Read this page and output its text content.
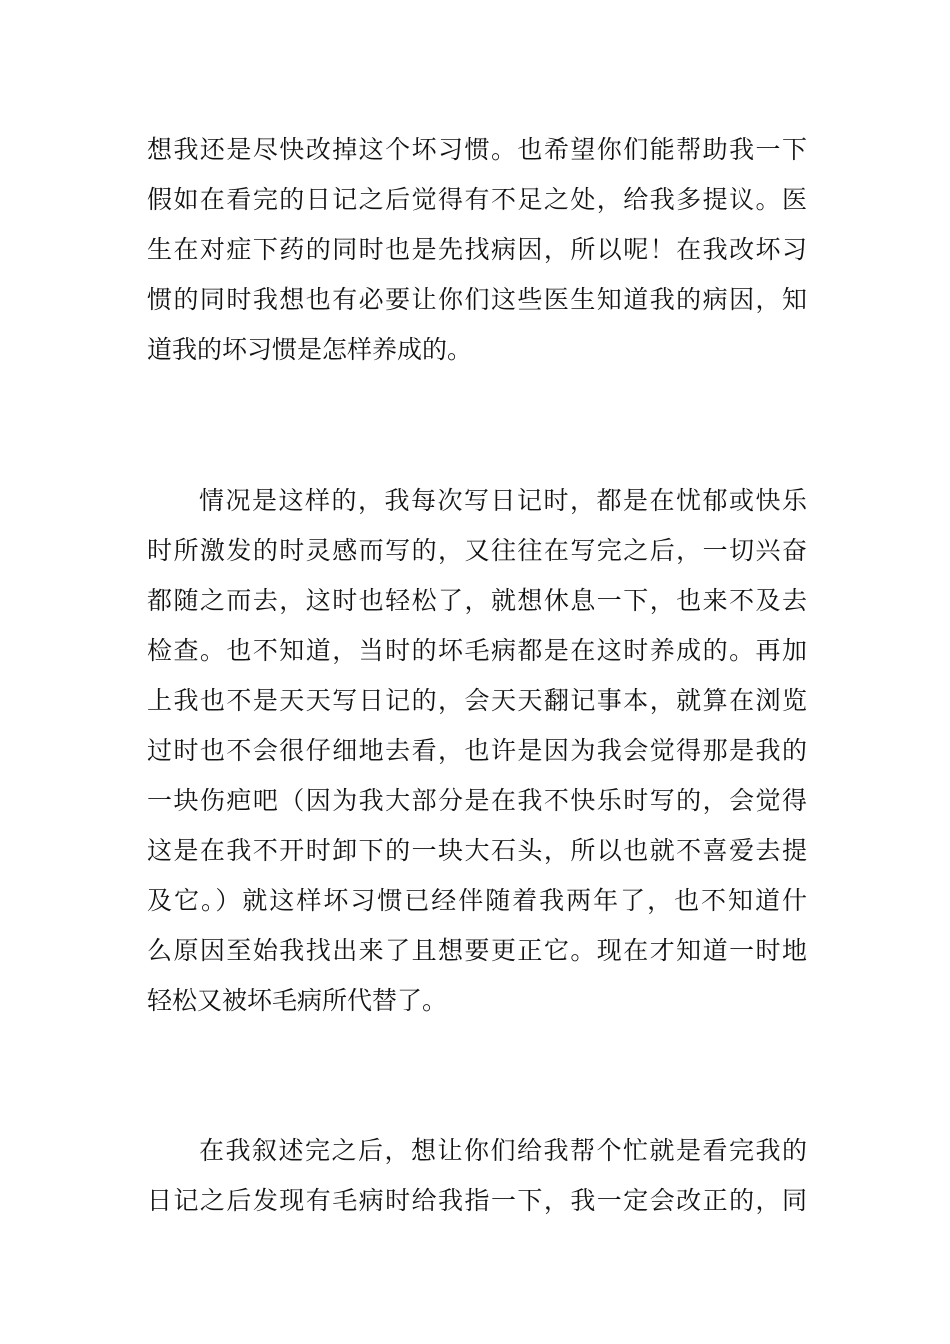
想我还是尽快改掉这个坏习惯。也希望你们能帮助我一下
假如在看完的日记之后觉得有不足之处，给我多提议。医
生在对症下药的同时也是先找病因，所以呢！在我改坏习
惯的同时我想也有必要让你们这些医生知道我的病因，知
道我的坏习惯是怎样养成的。
情况是这样的，我每次写日记时，都是在忧郁或快乐
时所激发的时灵感而写的，又往往在写完之后，一切兴奋
都随之而去，这时也轻松了，就想休息一下，也来不及去
检查。也不知道，当时的坏毛病都是在这时养成的。再加
上我也不是天天写日记的，会天天翻记事本，就算在浏览
过时也不会很仔细地去看，也许是因为我会觉得那是我的
一块伤疤吧（因为我大部分是在我不快乐时写的，会觉得
这是在我不开时卸下的一块大石头，所以也就不喜爱去提
及它。）就这样坏习惯已经伴随着我两年了，也不知道什
么原因至始我找出来了且想要更正它。现在才知道一时地
轻松又被坏毛病所代替了。
在我叙述完之后，想让你们给我帮个忙就是看完我的
日记之后发现有毛病时给我指一下，我一定会改正的，同
